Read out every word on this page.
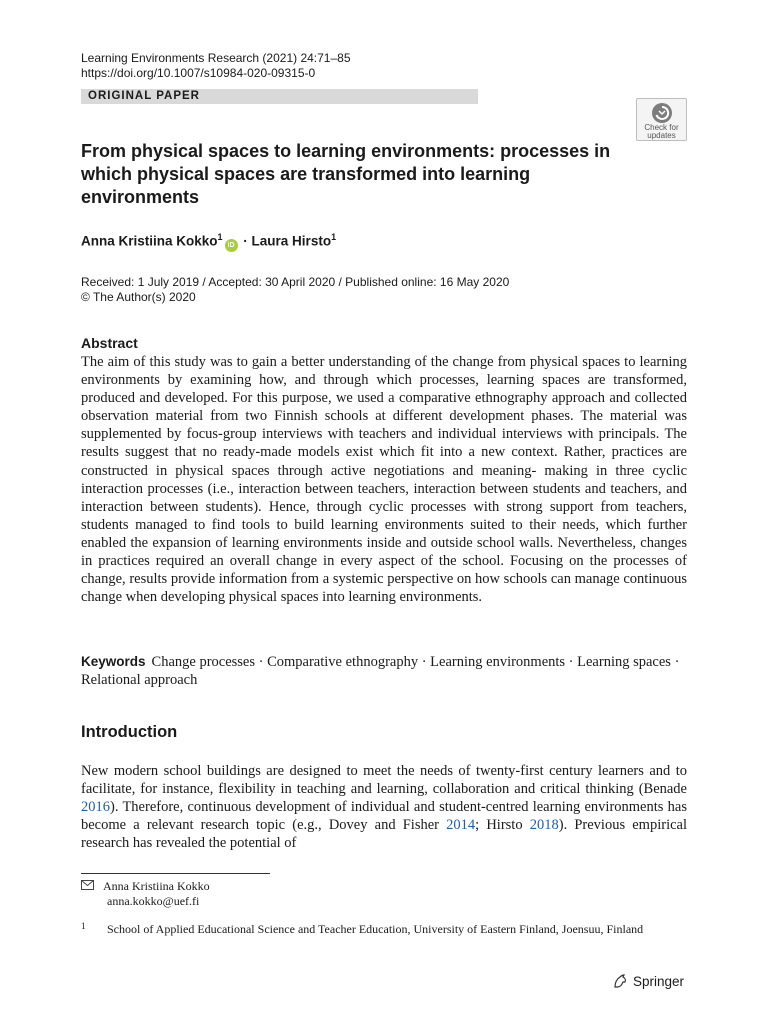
Learning Environments Research (2021) 24:71–85
https://doi.org/10.1007/s10984-020-09315-0
ORIGINAL PAPER
Check for
updates
From physical spaces to learning environments: processes in which physical spaces are transformed into learning environments
Anna Kristiina Kokko$^1$iD · Laura Hirsto$^1$
Received: 1 July 2019 / Accepted: 30 April 2020 / Published online: 16 May 2020
© The Author(s) 2020
Abstract
The aim of this study was to gain a better understanding of the change from physical spaces to learning environments by examining how, and through which processes, learning spaces are transformed, produced and developed. For this purpose, we used a comparative ethnography approach and collected observation material from two Finnish schools at different development phases. The material was supplemented by focus-group interviews with teachers and individual interviews with principals. The results suggest that no ready-made models exist which fit into a new context. Rather, practices are constructed in physical spaces through active negotiations and meaning- making in three cyclic interaction processes (i.e., interaction between teachers, interaction between students and teachers, and interaction between students). Hence, through cyclic processes with strong support from teachers, students managed to find tools to build learning environments suited to their needs, which further enabled the expansion of learning environments inside and outside school walls. Nevertheless, changes in practices required an overall change in every aspect of the school. Focusing on the processes of change, results provide information from a systemic perspective on how schools can manage continuous change when developing physical spaces into learning environments.
Keywords Change processes · Comparative ethnography · Learning environments · Learning spaces · Relational approach
Introduction
New modern school buildings are designed to meet the needs of twenty-first century learners and to facilitate, for instance, flexibility in teaching and learning, collaboration and critical thinking (Benade 2016). Therefore, continuous development of individual and student-centred learning environments has become a relevant research topic (e.g., Dovey and Fisher 2014; Hirsto 2018). Previous empirical research has revealed the potential of
Anna Kristiina Kokko
anna.kokko@uef.fi
1	School of Applied Educational Science and Teacher Education, University of Eastern Finland, Joensuu, Finland
Springer
